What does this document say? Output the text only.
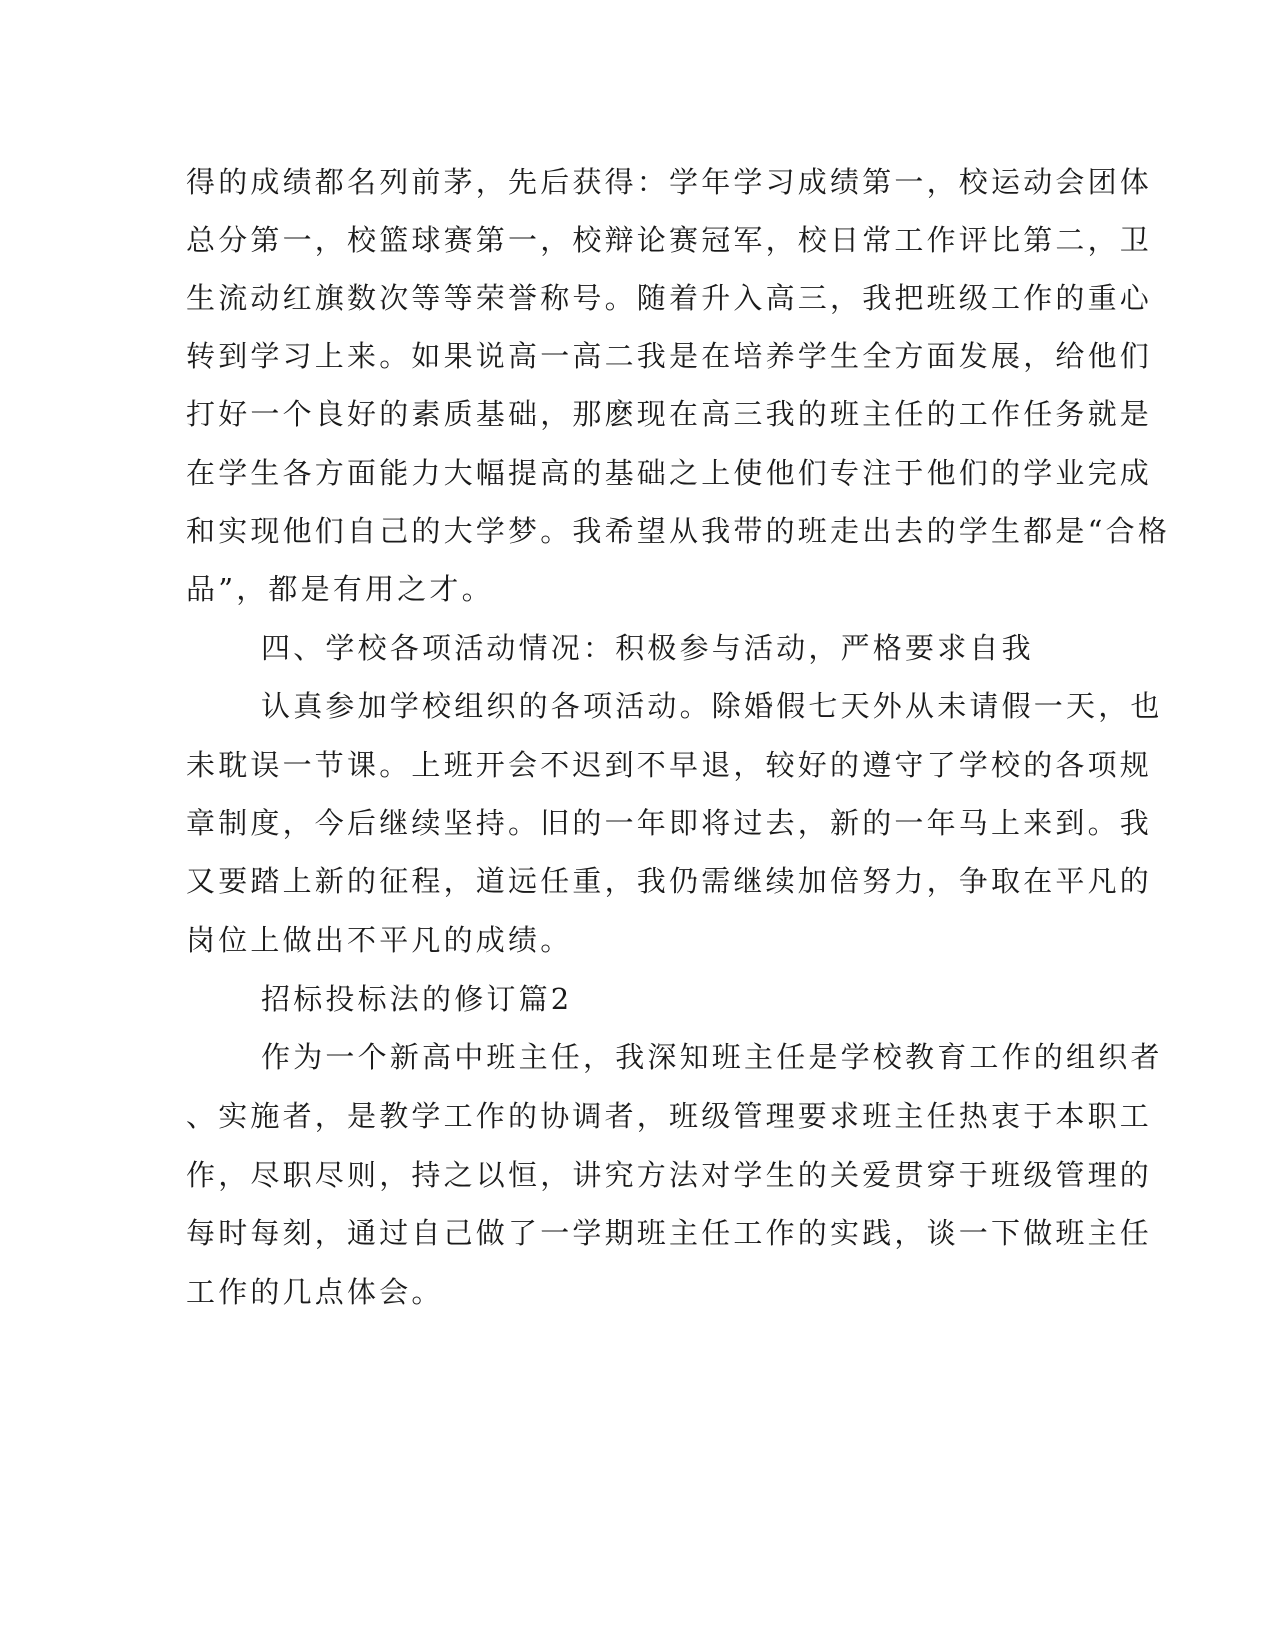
得的成绩都名列前茅，先后获得：学年学习成绩第一，校运动会团体
总分第一，校篮球赛第一，校辩论赛冠军，校日常工作评比第二，卫
生流动红旗数次等等荣誉称号。随着升入高三，我把班级工作的重心
转到学习上来。如果说高一高二我是在培养学生全方面发展，给他们
打好一个良好的素质基础，那麽现在高三我的班主任的工作任务就是
在学生各方面能力大幅提高的基础之上使他们专注于他们的学业完成
和实现他们自己的大学梦。我希望从我带的班走出去的学生都是“合格
品”，都是有用之才。
四、学校各项活动情况：积极参与活动，严格要求自我
认真参加学校组织的各项活动。除婚假七天外从未请假一天，也
未耽误一节课。上班开会不迟到不早退，较好的遵守了学校的各项规
章制度，今后继续坚持。旧的一年即将过去，新的一年马上来到。我
又要踏上新的征程，道远任重，我仍需继续加倍努力，争取在平凡的
岗位上做出不平凡的成绩。
招标投标法的修订篇2
作为一个新高中班主任，我深知班主任是学校教育工作的组织者
、实施者，是教学工作的协调者，班级管理要求班主任热衷于本职工
作，尽职尽则，持之以恒，讲究方法对学生的关爱贯穿于班级管理的
每时每刻，通过自己做了一学期班主任工作的实践，谈一下做班主任
工作的几点体会。
